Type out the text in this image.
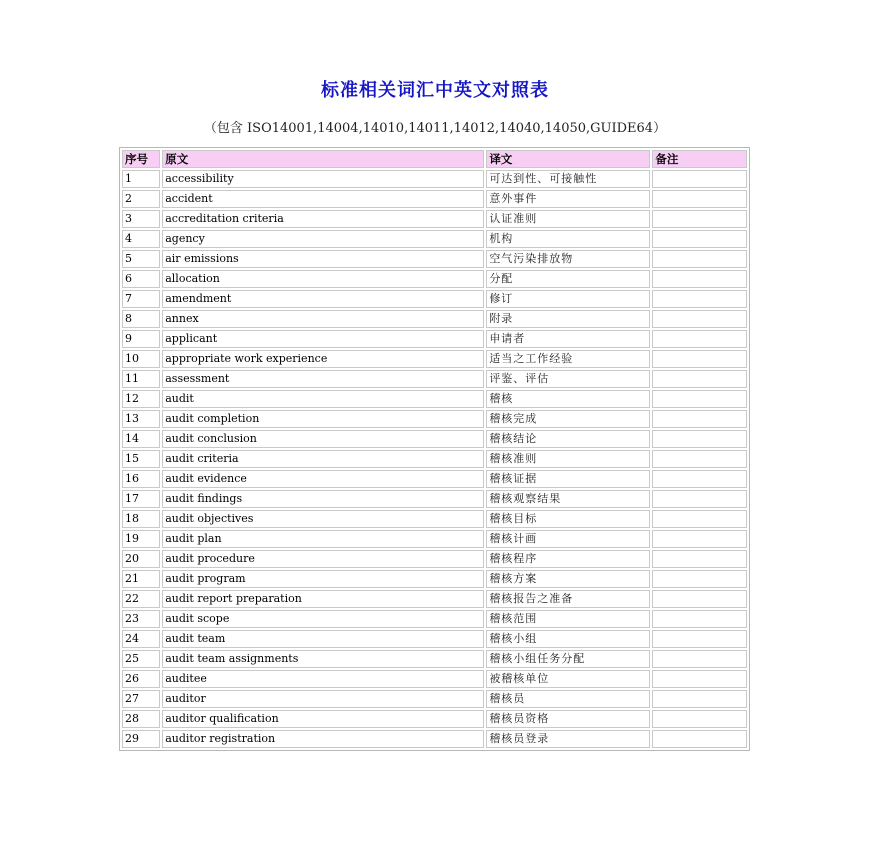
标准相关词汇中英文对照表
（包含 ISO14001,14004,14010,14011,14012,14040,14050,GUIDE64）
序号	原文	译文	备注
1	accessibility	可达到性、可接触性	
2	accident	意外事件	
3	accreditation criteria	认证准则	
4	agency	机构	
5	air emissions	空气污染排放物	
6	allocation	分配	
7	amendment	修订	
8	annex	附录	
9	applicant	申请者	
10	appropriate work experience	适当之工作经验	
11	assessment	评鉴、评估	
12	audit	稽核	
13	audit completion	稽核完成	
14	audit conclusion	稽核结论	
15	audit criteria	稽核准则	
16	audit evidence	稽核证据	
17	audit findings	稽核观察结果	
18	audit objectives	稽核目标	
19	audit plan	稽核计画	
20	audit procedure	稽核程序	
21	audit program	稽核方案	
22	audit report preparation	稽核报告之准备	
23	audit scope	稽核范围	
24	audit team	稽核小组	
25	audit team assignments	稽核小组任务分配	
26	auditee	被稽核单位	
27	auditor	稽核员	
28	auditor qualification	稽核员资格	
29	auditor registration	稽核员登录	
